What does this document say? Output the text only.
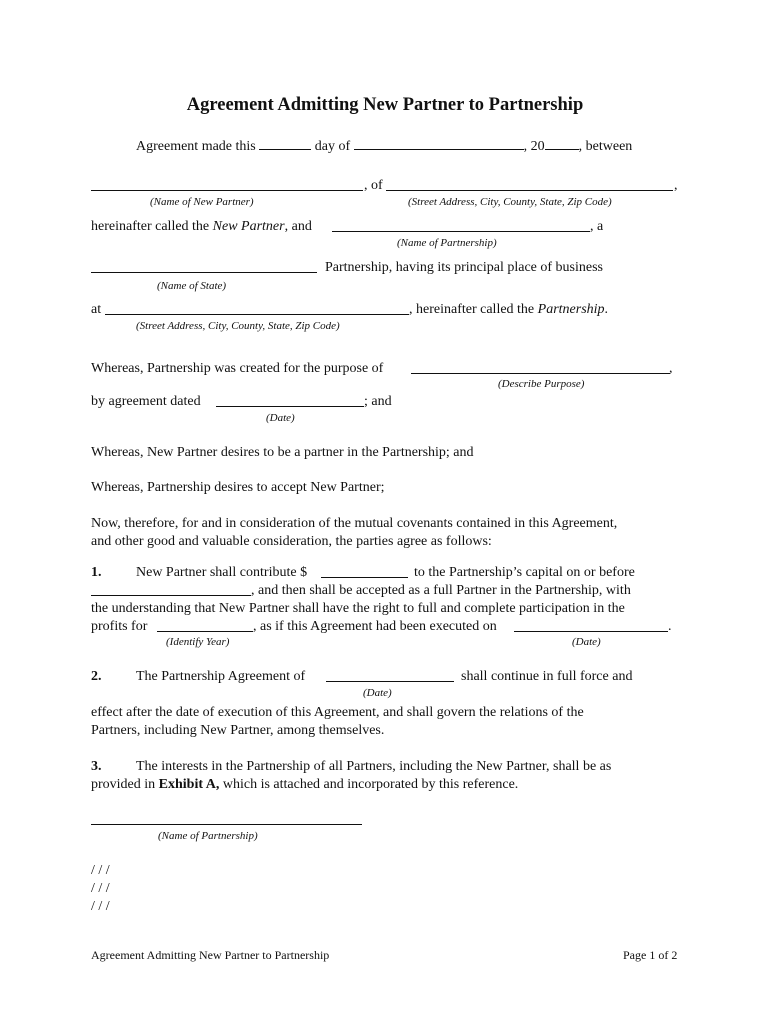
Agreement Admitting New Partner to Partnership
Agreement made this	day of	, 20 , between
, of	,
(Name of New Partner)	(Street Address, City, County, State, Zip Code)
hereinafter called the New Partner, and	, a
(Name of Partnership)
Partnership, having its principal place of business
(Name of State)
at	, hereinafter called the Partnership.
(Street Address, City, County, State, Zip Code)
Whereas, Partnership was created for the purpose of	,
(Describe Purpose)
by agreement dated	; and
(Date)
Whereas, New Partner desires to be a partner in the Partnership; and
Whereas, Partnership desires to accept New Partner;
Now, therefore, for and in consideration of the mutual covenants contained in this Agreement,
and other good and valuable consideration, the parties agree as follows:
1. New Partner shall contribute $	to the Partnership’s capital on or before
, and then shall be accepted as a full Partner in the Partnership, with
the understanding that New Partner shall have the right to full and complete participation in the
profits for	, as if this Agreement had been executed on	.
(Identify Year)	(Date)
2. The Partnership Agreement of	shall continue in full force and
(Date)
effect after the date of execution of this Agreement, and shall govern the relations of the
Partners, including New Partner, among themselves.
3. The interests in the Partnership of all Partners, including the New Partner, shall be as
provided in Exhibit A, which is attached and incorporated by this reference.
(Name of Partnership)
/ / /
/ / /
/ / /
Agreement Admitting New Partner to Partnership	Page 1 of 2
